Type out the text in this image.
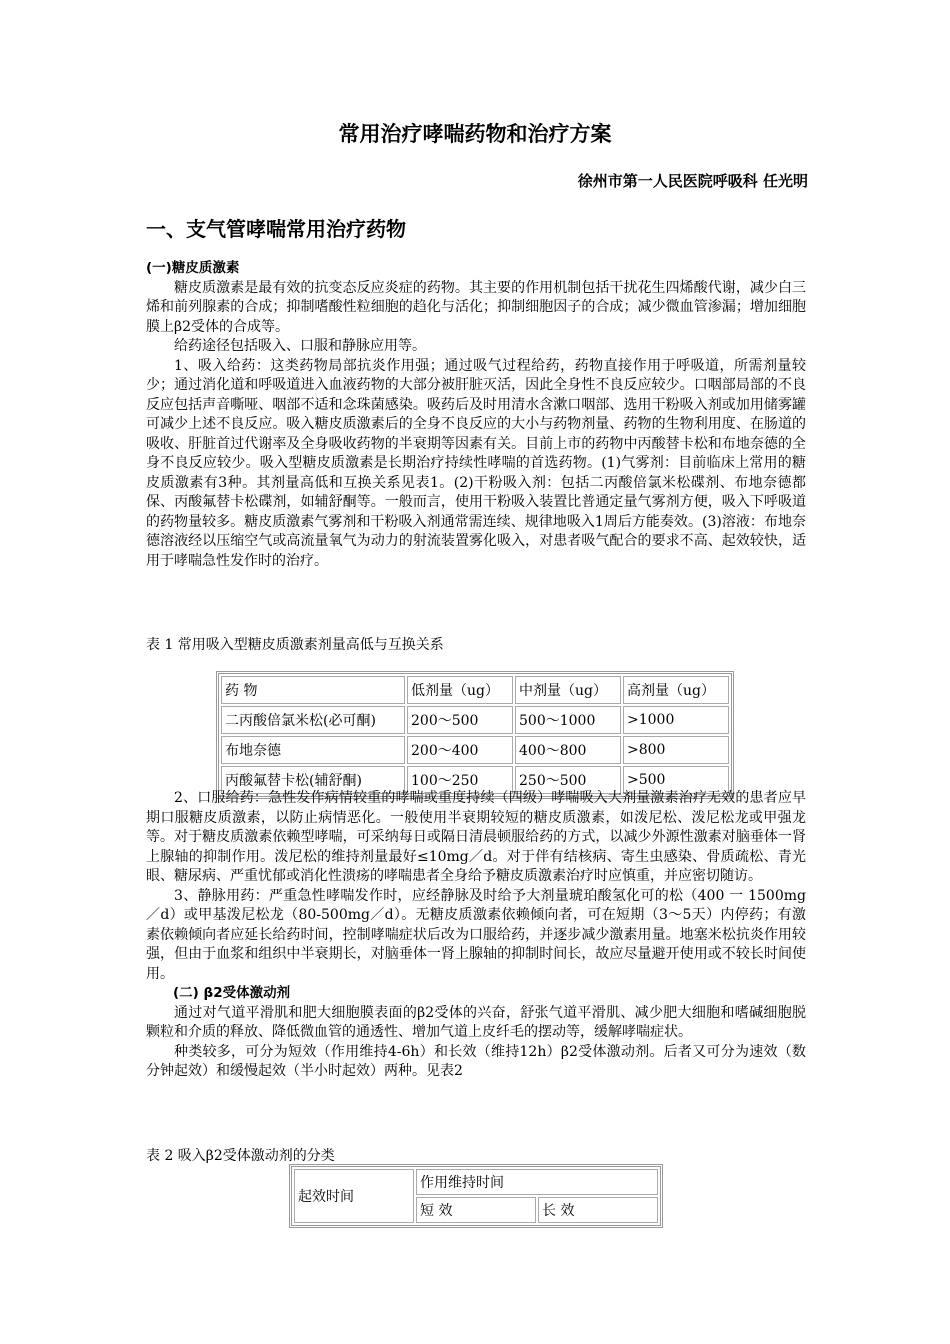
常用治疗哮喘药物和治疗方案
徐州市第一人民医院呼吸科 任光明
一、支气管哮喘常用治疗药物

(一)糖皮质激素

糖皮质激素是最有效的抗变态反应炎症的药物。其主要的作用机制包括干扰花生四烯酸代谢，减少白三烯和前列腺素的合成；抑制嗜酸性粒细胞的趋化与活化；抑制细胞因子的合成；减少微血管渗漏；增加细胞膜上β2受体的合成等。

给药途径包括吸入、口服和静脉应用等。

1、吸入给药：这类药物局部抗炎作用强；通过吸气过程给药，药物直接作用于呼吸道，所需剂量较少；通过消化道和呼吸道进入血液药物的大部分被肝脏灭活，因此全身性不良反应较少。口咽部局部的不良反应包括声音嘶哑、咽部不适和念珠菌感染。吸药后及时用清水含漱口咽部、选用干粉吸入剂或加用储雾罐可减少上述不良反应。吸入糖皮质激素后的全身不良反应的大小与药物剂量、药物的生物利用度、在肠道的吸收、肝脏首过代谢率及全身吸收药物的半衰期等因素有关。目前上市的药物中丙酸替卡松和布地奈德的全身不良反应较少。吸入型糖皮质激素是长期治疗持续性哮喘的首选药物。(1)气雾剂：目前临床上常用的糖皮质激素有3种。其剂量高低和互换关系见表1。(2)干粉吸入剂：包括二丙酸倍氯米松碟剂、布地奈德都保、丙酸氟替卡松碟剂，如辅舒酮等。一般而言，使用干粉吸入装置比普通定量气雾剂方便，吸入下呼吸道的药物量较多。糖皮质激素气雾剂和干粉吸入剂通常需连续、规律地吸入1周后方能奏效。(3)溶液：布地奈德溶液经以压缩空气或高流量氧气为动力的射流装置雾化吸入，对患者吸气配合的要求不高、起效较快，适用于哮喘急性发作时的治疗。

表 1 常用吸入型糖皮质激素剂量高低与互换关系
药 物	低剂量（ug）	中剂量（ug）	高剂量（ug）
二丙酸倍氯米松(必可酮)	200～500	500～1000	>1000
布地奈德	200～400	400～800	>800
丙酸氟替卡松(辅舒酮)	100～250	250～500	>500

2、口服给药：急性发作病情较重的哮喘或重度持续（四级）哮喘吸入大剂量激素治疗无效的患者应早期口服糖皮质激素，以防止病情恶化。一般使用半衰期较短的糖皮质激素，如泼尼松、泼尼松龙或甲强龙等。对于糖皮质激素依赖型哮喘，可采纳每日或隔日清晨顿服给药的方式，以减少外源性激素对脑垂体一肾上腺轴的抑制作用。泼尼松的维持剂量最好≤10mg／d。对于伴有结核病、寄生虫感染、骨质疏松、青光眼、糖尿病、严重忧郁或消化性溃疡的哮喘患者全身给予糖皮质激素治疗时应慎重，并应密切随访。

3、静脉用药：严重急性哮喘发作时，应经静脉及时给予大剂量琥珀酸氢化可的松（400 一 1500mg／d）或甲基泼尼松龙（80-500mg／d）。无糖皮质激素依赖倾向者，可在短期（3～5天）内停药；有激素依赖倾向者应延长给药时间，控制哮喘症状后改为口服给药，并逐步减少激素用量。地塞米松抗炎作用较强，但由于血浆和组织中半衰期长，对脑垂体一肾上腺轴的抑制时间长，故应尽量避开使用或不较长时间使用。

(二) β2受体激动剂

通过对气道平滑肌和肥大细胞膜表面的β2受体的兴奋，舒张气道平滑肌、减少肥大细胞和嗜碱细胞脱颗粒和介质的释放、降低微血管的通透性、增加气道上皮纤毛的摆动等，缓解哮喘症状。

种类较多，可分为短效（作用维持4-6h）和长效（维持12h）β2受体激动剂。后者又可分为速效（数分钟起效）和缓慢起效（半小时起效）两种。见表2

表 2 吸入β2受体激动剂的分类
起效时间	作用维持时间	
	短 效	长 效
